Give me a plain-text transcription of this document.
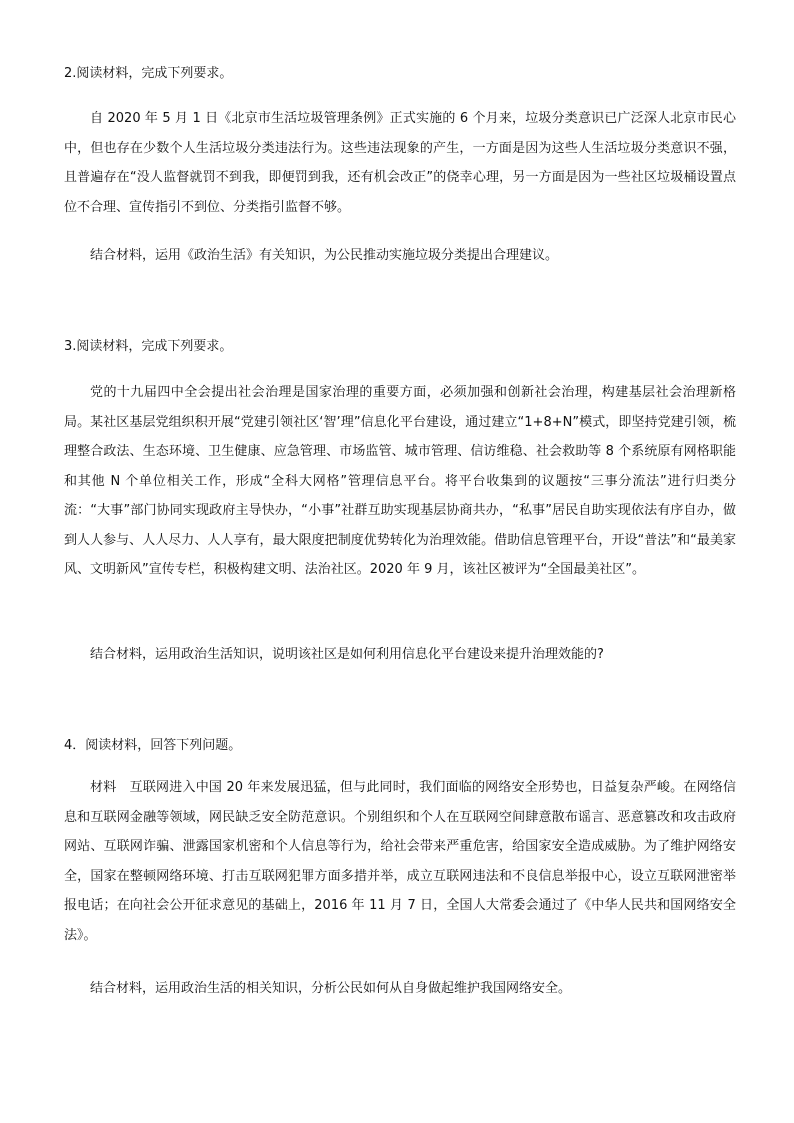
2.阅读材料，完成下列要求。

自 2020 年 5 月 1 日《北京市生活垃圾管理条例》正式实施的 6 个月来，垃圾分类意识已广泛深人北京市民心中，但也存在少数个人生活垃圾分类违法行为。这些违法现象的产生，一方面是因为这些人生活垃圾分类意识不强，且普遍存在“没人监督就罚不到我，即便罚到我，还有机会改正”的侥幸心理，另一方面是因为一些社区垃圾桶设置点位不合理、宣传指引不到位、分类指引监督不够。

结合材料，运用《政治生活》有关知识，为公民推动实施垃圾分类提出合理建议。

3.阅读材料，完成下列要求。

党的十九届四中全会提出社会治理是国家治理的重要方面，必须加强和创新社会治理，构建基层社会治理新格局。某社区基层党组织积开展“党建引领社区‘智’理”信息化平台建设，通过建立“1+8+N”模式，即坚持党建引领，梳理整合政法、生态环境、卫生健康、应急管理、市场监管、城市管理、信访维稳、社会救助等 8 个系统原有网格职能和其他 N 个单位相关工作，形成“全科大网格”管理信息平台。将平台收集到的议题按“三事分流法”进行归类分流：“大事”部门协同实现政府主导快办，“小事”社群互助实现基层协商共办，“私事”居民自助实现依法有序自办，做到人人参与、人人尽力、人人享有，最大限度把制度优势转化为治理效能。借助信息管理平台，开设“普法”和“最美家风、文明新风”宣传专栏，积极构建文明、法治社区。2020 年 9 月，该社区被评为“全国最美社区”。

结合材料，运用政治生活知识，说明该社区是如何利用信息化平台建设来提升治理效能的?

4．阅读材料，回答下列问题。

材料　互联网进入中国 20 年来发展迅猛，但与此同时，我们面临的网络安全形势也，日益复杂严峻。在网络信息和互联网金融等领域，网民缺乏安全防范意识。个别组织和个人在互联网空间肆意散布谣言、恶意篡改和攻击政府网站、互联网诈骗、泄露国家机密和个人信息等行为，给社会带来严重危害，给国家安全造成威胁。为了维护网络安全，国家在整顿网络环境、打击互联网犯罪方面多措并举，成立互联网违法和不良信息举报中心，设立互联网泄密举报电话；在向社会公开征求意见的基础上，2016 年 11 月 7 日，全国人大常委会通过了《中华人民共和国网络安全法》。

结合材料，运用政治生活的相关知识，分析公民如何从自身做起维护我国网络安全。
